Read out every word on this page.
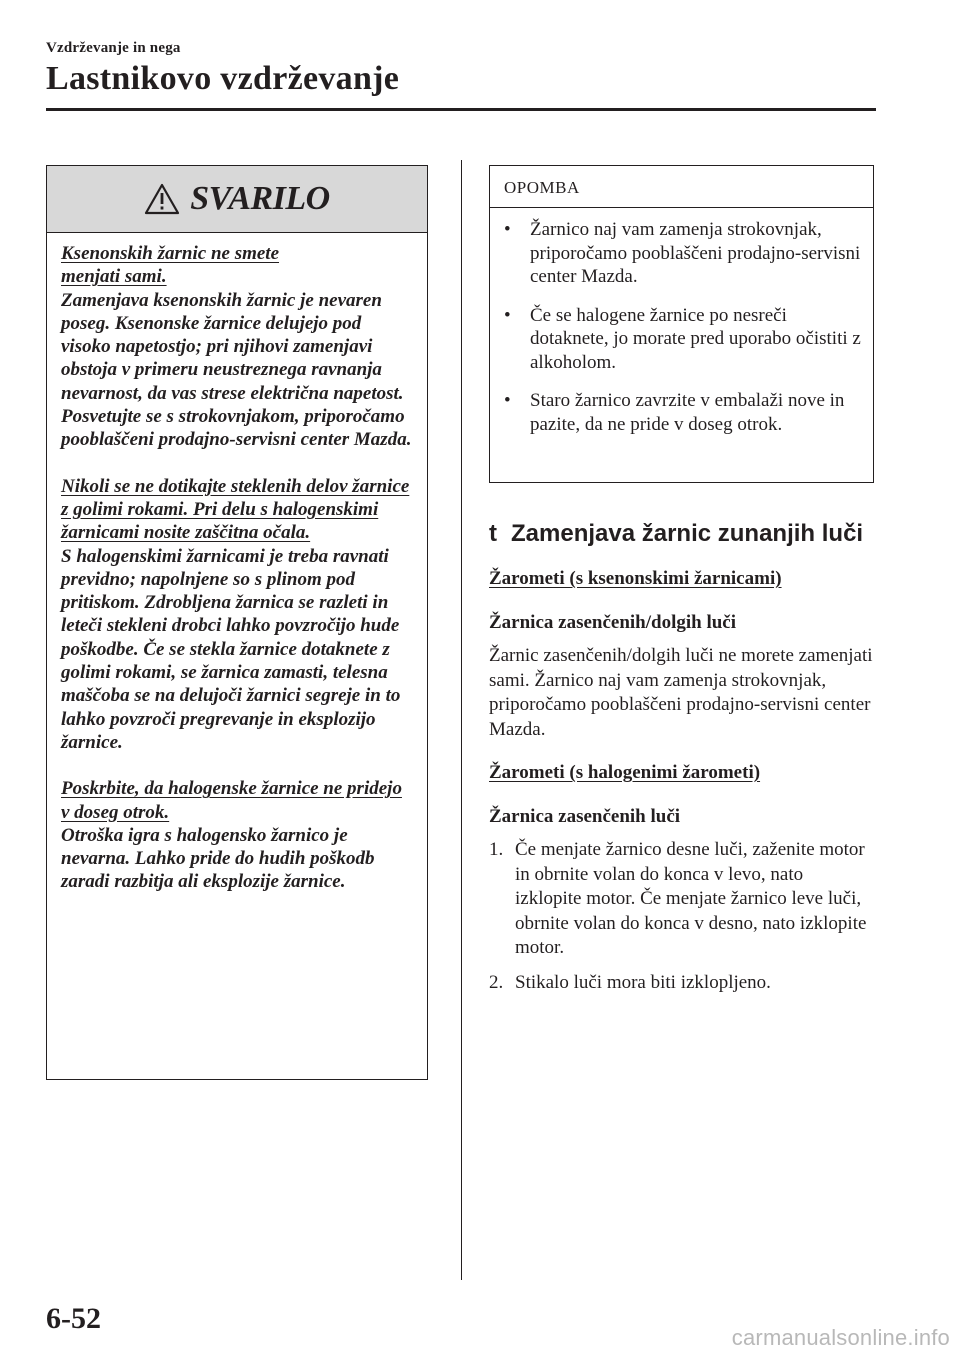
Vzdrževanje in nega
Lastnikovo vzdrževanje
SVARILO
Ksenonskih žarnic ne smete menjati sami.
Zamenjava ksenonskih žarnic je nevaren poseg. Ksenonske žarnice delujejo pod visoko napetostjo; pri njihovi zamenjavi obstoja v primeru neustreznega ravnanja nevarnost, da vas strese električna napetost. Posvetujte se s strokovnjakom, priporočamo pooblaščeni prodajno-servisni center Mazda.
Nikoli se ne dotikajte steklenih delov žarnice z golimi rokami. Pri delu s halogenskimi žarnicami nosite zaščitna očala.
S halogenskimi žarnicami je treba ravnati previdno; napolnjene so s plinom pod pritiskom. Zdrobljena žarnica se razleti in leteči stekleni drobci lahko povzročijo hude poškodbe. Če se stekla žarnice dotaknete z golimi rokami, se žarnica zamasti, telesna maščoba se na delujoči žarnici segreje in to lahko povzroči pregrevanje in eksplozijo žarnice.
Poskrbite, da halogenske žarnice ne pridejo v doseg otrok.
Otroška igra s halogensko žarnico je nevarna. Lahko pride do hudih poškodb zaradi razbitja ali eksplozije žarnice.
OPOMBA
• Žarnico naj vam zamenja strokovnjak, priporočamo pooblaščeni prodajno-servisni center Mazda.
• Če se halogene žarnice po nesreči dotaknete, jo morate pred uporabo očistiti z alkoholom.
• Staro žarnico zavrzite v embalaži nove in pazite, da ne pride v doseg otrok.
t Zamenjava žarnic zunanjih luči
Žarometi (s ksenonskimi žarnicami)
Žarnica zasenčenih/dolgih luči
Žarnic zasenčenih/dolgih luči ne morete zamenjati sami. Žarnico naj vam zamenja strokovnjak, priporočamo pooblaščeni prodajno-servisni center Mazda.
Žarometi (s halogenimi žarometi)
Žarnica zasenčenih luči
1. Če menjate žarnico desne luči, zaženite motor in obrnite volan do konca v levo, nato izklopite motor. Če menjate žarnico leve luči, obrnite volan do konca v desno, nato izklopite motor.
2. Stikalo luči mora biti izklopljeno.
6-52
carmanualsonline.info
